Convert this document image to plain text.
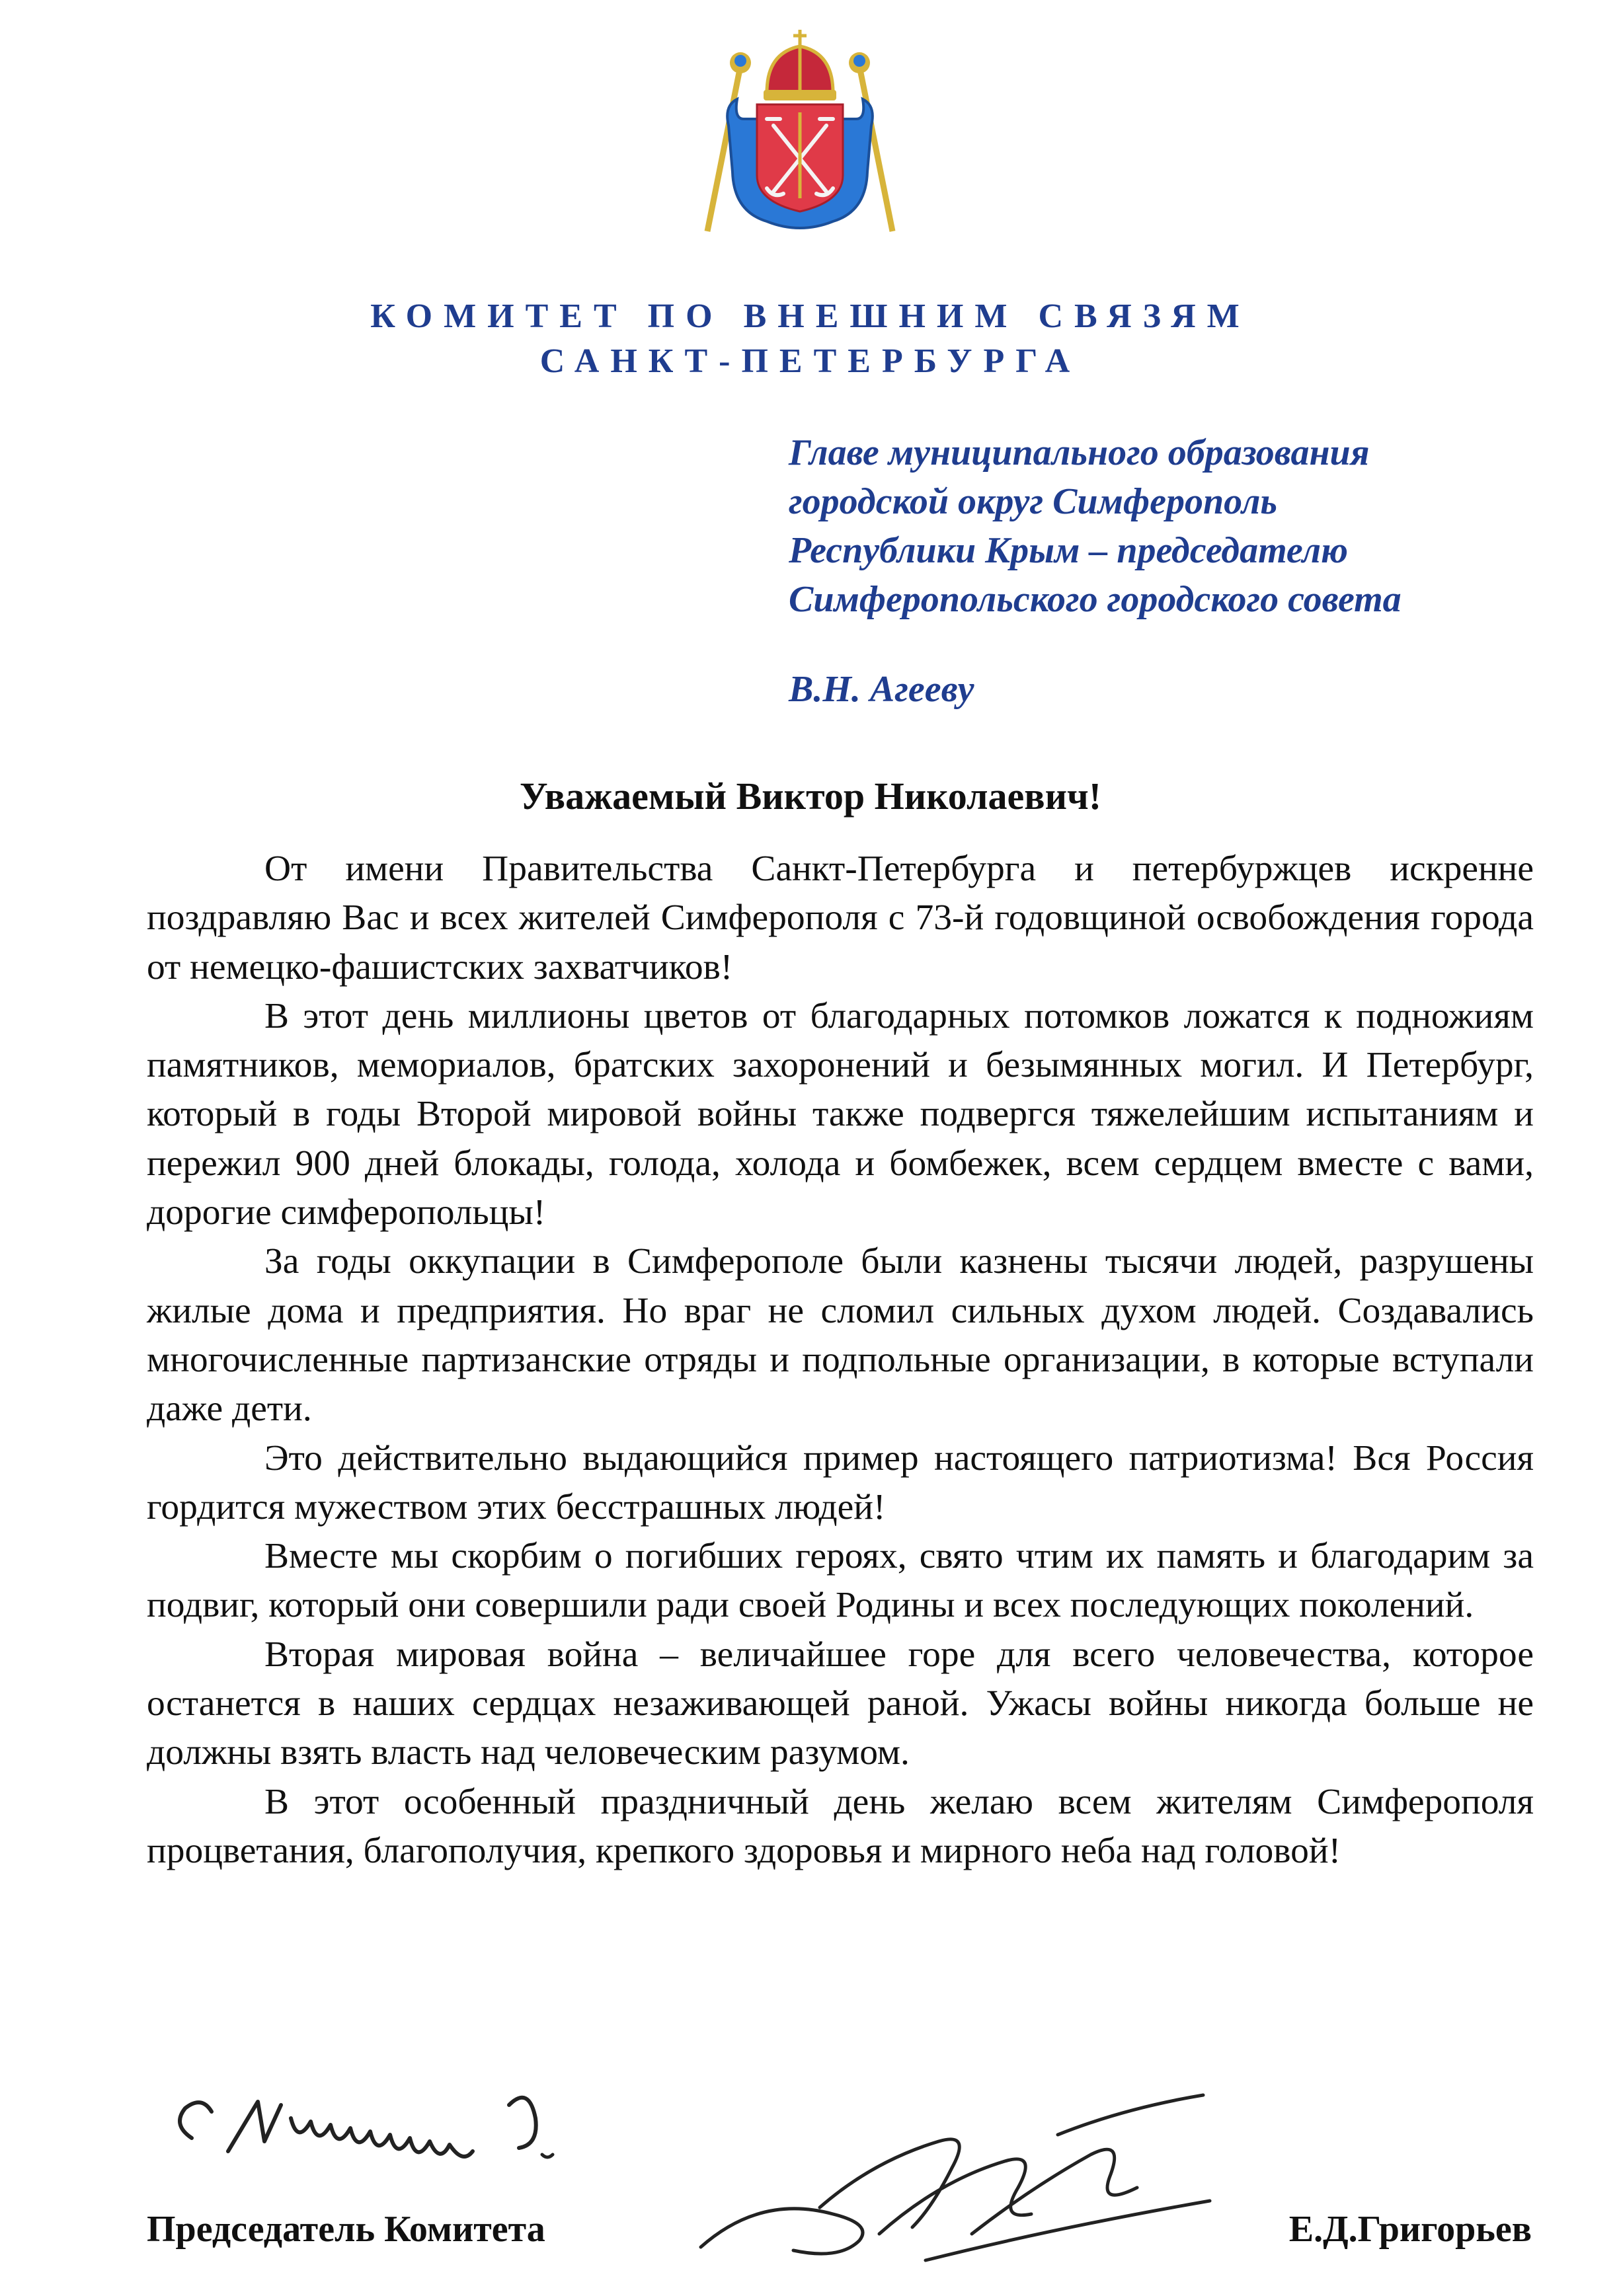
КОМИТЕТ ПО ВНЕШНИМ СВЯЗЯМ
САНКТ-ПЕТЕРБУРГА
Главе муниципального образования
городской округ Симферополь
Республики Крым – председателю
Симферопольского городского совета
В.Н. Агееву
Уважаемый Виктор Николаевич!

От имени Правительства Санкт-Петербурга и петербуржцев искренне поздравляю Вас и всех жителей Симферополя с 73-й годовщиной освобождения города от немецко-фашистских захватчиков!

В этот день миллионы цветов от благодарных потомков ложатся к подножиям памятников, мемориалов, братских захоронений и безымянных могил. И Петербург, который в годы Второй мировой войны также подвергся тяжелейшим испытаниям и пережил 900 дней блокады, голода, холода и бомбежек, всем сердцем вместе с вами, дорогие симферопольцы!

За годы оккупации в Симферополе были казнены тысячи людей, разрушены жилые дома и предприятия. Но враг не сломил сильных духом людей. Создавались многочисленные партизанские отряды и подпольные организации, в которые вступали даже дети.

Это действительно выдающийся пример настоящего патриотизма! Вся Россия гордится мужеством этих бесстрашных людей!

Вместе мы скорбим о погибших героях, свято чтим их память и благодарим за подвиг, который они совершили ради своей Родины и всех последующих поколений.

Вторая мировая война – величайшее горе для всего человечества, которое останется в наших сердцах незаживающей раной. Ужасы войны никогда больше не должны взять власть над человеческим разумом.

В этот особенный праздничный день желаю всем жителям Симферополя процветания, благополучия, крепкого здоровья и мирного неба над головой!

Председатель Комитета	Е.Д.Григорьев
